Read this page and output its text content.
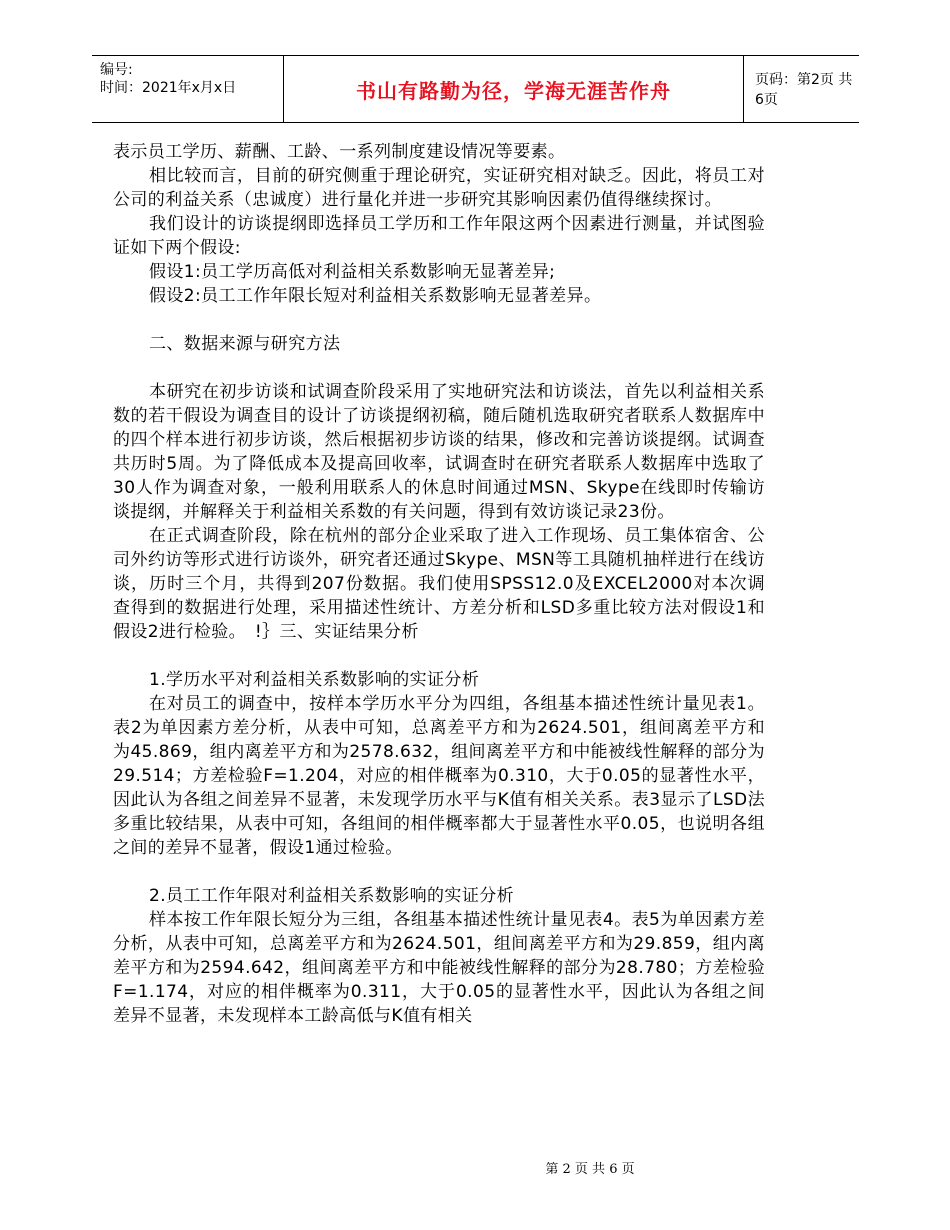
编号:
时间：2021年x月x日	书山有路勤为径，学海无涯苦作舟	页码：第2页 共6页

表示员工学历、薪酬、工龄、一系列制度建设情况等要素。

相比较而言，目前的研究侧重于理论研究，实证研究相对缺乏。因此，将员工对公司的利益关系（忠诚度）进行量化并进一步研究其影响因素仍值得继续探讨。

我们设计的访谈提纲即选择员工学历和工作年限这两个因素进行测量，并试图验证如下两个假设:

假设1:员工学历高低对利益相关系数影响无显著差异;

假设2:员工工作年限长短对利益相关系数影响无显著差异。

二、数据来源与研究方法

本研究在初步访谈和试调查阶段采用了实地研究法和访谈法，首先以利益相关系数的若干假设为调查目的设计了访谈提纲初稿，随后随机选取研究者联系人数据库中的四个样本进行初步访谈，然后根据初步访谈的结果，修改和完善访谈提纲。试调查共历时5周。为了降低成本及提高回收率，试调查时在研究者联系人数据库中选取了30人作为调查对象，一般利用联系人的休息时间通过MSN、Skype在线即时传输访谈提纲，并解释关于利益相关系数的有关问题，得到有效访谈记录23份。

在正式调查阶段，除在杭州的部分企业采取了进入工作现场、员工集体宿舍、公司外约访等形式进行访谈外，研究者还通过Skype、MSN等工具随机抽样进行在线访谈，历时三个月，共得到207份数据。我们使用SPSS12.0及EXCEL2000对本次调查得到的数据进行处理，采用描述性统计、方差分析和LSD多重比较方法对假设1和假设2进行检验。　!｝三、实证结果分析

1.学历水平对利益相关系数影响的实证分析

在对员工的调查中，按样本学历水平分为四组，各组基本描述性统计量见表1。表2为单因素方差分析，从表中可知，总离差平方和为2624.501，组间离差平方和为45.869，组内离差平方和为2578.632，组间离差平方和中能被线性解释的部分为29.514；方差检验F=1.204，对应的相伴概率为0.310，大于0.05的显著性水平，因此认为各组之间差异不显著，未发现学历水平与K值有相关关系。表3显示了LSD法多重比较结果，从表中可知，各组间的相伴概率都大于显著性水平0.05，也说明各组之间的差异不显著，假设1通过检验。

2.员工工作年限对利益相关系数影响的实证分析

样本按工作年限长短分为三组，各组基本描述性统计量见表4。表5为单因素方差分析，从表中可知，总离差平方和为2624.501，组间离差平方和为29.859，组内离差平方和为2594.642，组间离差平方和中能被线性解释的部分为28.780；方差检验F=1.174，对应的相伴概率为0.311，大于0.05的显著性水平，因此认为各组之间差异不显著，未发现样本工龄高低与K值有相关

第 2 页 共 6 页
